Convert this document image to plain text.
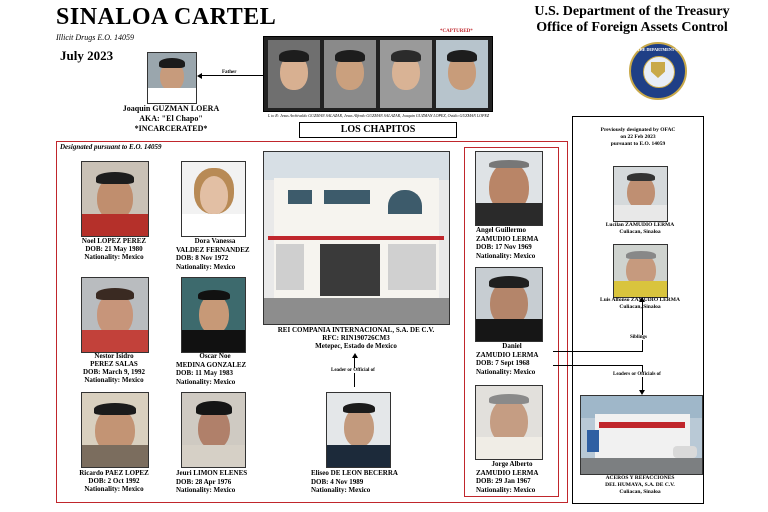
SINALOA CARTEL
Illicit Drugs E.O. 14059
July 2023
U.S. Department of the Treasury
Office of Foreign Assets Control
THE DEPARTMENT OF THE TREASURY 1789
Father
Joaquin GUZMAN LOERA
AKA: "El Chapo"
*INCARCERATED*
*CAPTURED*
L to R: Jesus Archivaldo GUZMAN SALAZAR, Jesus Alfredo GUZMAN SALAZAR, Joaquin GUZMAN LOPEZ, Ovidio GUZMAN LOPEZ
LOS CHAPITOS
Designated pursuant to E.O. 14059
Noel LOPEZ PEREZ
DOB: 21 May 1980
Nationality: Mexico
Dora Vanessa
VALDEZ FERNANDEZ
DOB: 8 Nov 1972
Nationality: Mexico
Nestor Isidro
PEREZ SALAS
DOB: March 9, 1992
Nationality: Mexico
Oscar Noe
MEDINA GONZALEZ
DOB: 11 May 1983
Nationality: Mexico
Ricardo PAEZ LOPEZ
DOB: 2 Oct 1992
Nationality: Mexico
Jeuri LIMON ELENES
DOB: 28 Apr 1976
Nationality: Mexico
REI COMPANIA INTERNACIONAL, S.A. DE C.V.
RFC: RIN190726CM3
Metepec, Estado de Mexico
Leader or Official of
Eliseo DE LEON BECERRA
DOB: 4 Nov 1989
Nationality: Mexico
Angel Guillermo
ZAMUDIO LERMA
DOB: 17 Nov 1969
Nationality: Mexico
Daniel
ZAMUDIO LERMA
DOB: 7 Sept 1968
Nationality: Mexico
Jorge Alberto
ZAMUDIO LERMA
DOB: 29 Jan 1967
Nationality: Mexico
Siblings
Leaders or Officials of
Previously designated by OFAC
on 22 Feb 2023
pursuant to E.O. 14059
Lucilan ZAMUDIO LERMA
Culiacan, Sinaloa
Luis Alfonso ZAMUDIO LERMA
Culiacan, Sinaloa
ACEROS Y REFACCIONES
DEL HUMAYA, S.A. DE C.V.
Culiacan, Sinaloa
